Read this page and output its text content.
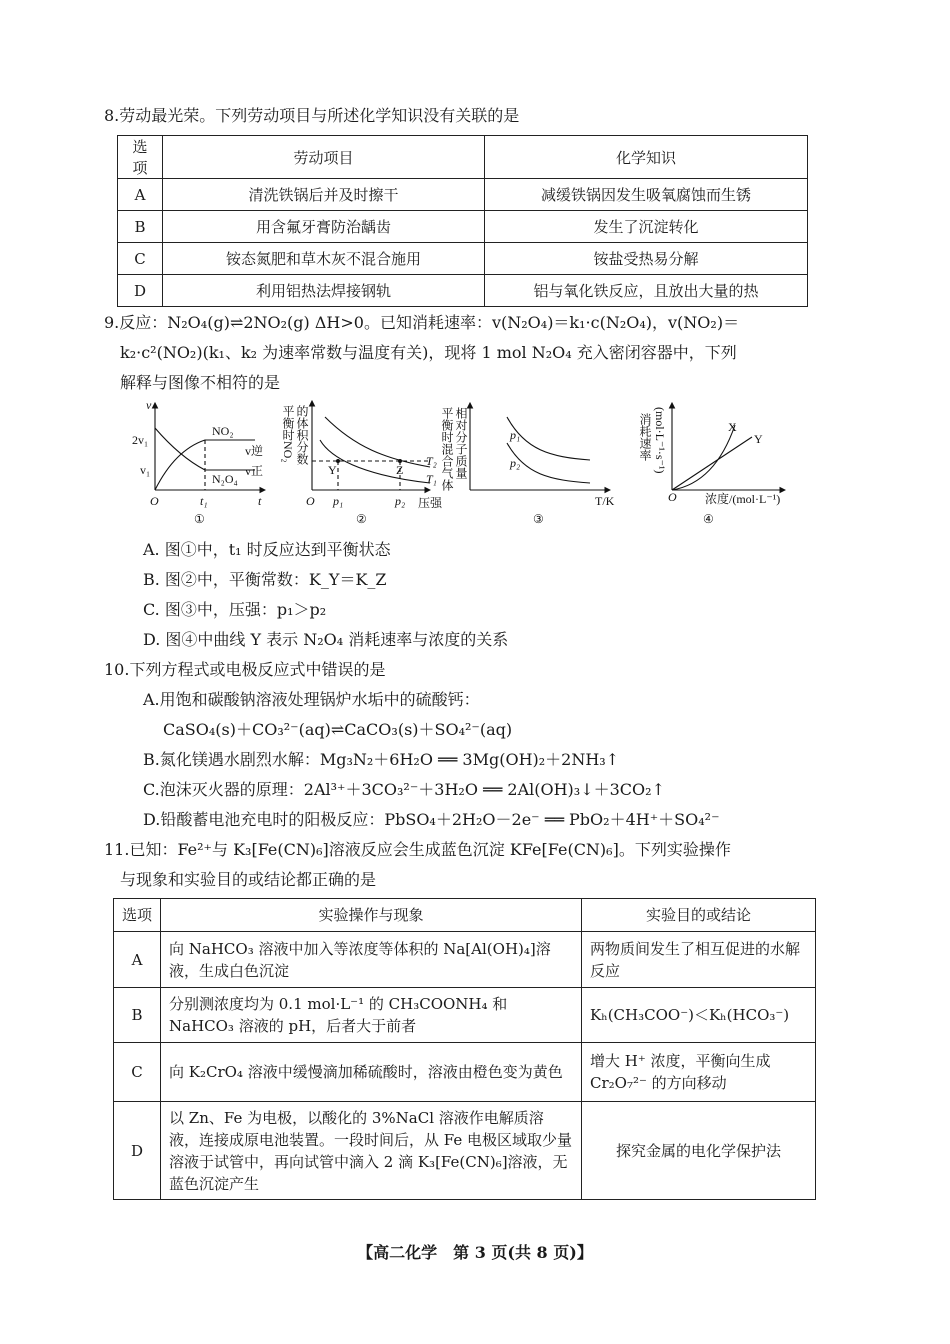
8.劳动最光荣。下列劳动项目与所述化学知识没有关联的是
选项	劳动项目	化学知识
A	清洗铁锅后并及时擦干	减缓铁锅因发生吸氧腐蚀而生锈
B	用含氟牙膏防治龋齿	发生了沉淀转化
C	铵态氮肥和草木灰不混合施用	铵盐受热易分解
D	利用铝热法焊接钢轨	铝与氧化铁反应，且放出大量的热
9.反应：N₂O₄(g)⇌2NO₂(g) ΔH>0。已知消耗速率：v(N₂O₄)＝k₁·c(N₂O₄)，v(NO₂)＝
k₂·c²(NO₂)(k₁、k₂ 为速率常数与温度有关)，现将 1 mol N₂O₄ 充入密闭容器中，下列
解释与图像不相符的是
v
2v₁
v₁
NO₂
N₂O₄
v逆
v正
O	t₁	t
①
平衡时NO₂ 的体积分数
O p₁	p₂ 压强
Y	Z
T₂
T₁
②
平衡时混合气体 相对分子质量	p₁
p₂
T/K
③
消耗速率 (mol·L⁻¹·s⁻¹)
O 浓度/(mol·L⁻¹)
X
Y
④
A. 图①中，t₁ 时反应达到平衡状态
B. 图②中，平衡常数：K_Y＝K_Z
C. 图③中，压强：p₁＞p₂
D. 图④中曲线 Y 表示 N₂O₄ 消耗速率与浓度的关系
10.下列方程式或电极反应式中错误的是
A.用饱和碳酸钠溶液处理锅炉水垢中的硫酸钙：
CaSO₄(s)＋CO₃²⁻(aq)⇌CaCO₃(s)＋SO₄²⁻(aq)
B.氮化镁遇水剧烈水解：Mg₃N₂＋6H₂O ══ 3Mg(OH)₂＋2NH₃↑
C.泡沫灭火器的原理：2Al³⁺＋3CO₃²⁻＋3H₂O ══ 2Al(OH)₃↓＋3CO₂↑
D.铅酸蓄电池充电时的阳极反应：PbSO₄＋2H₂O－2e⁻ ══ PbO₂＋4H⁺＋SO₄²⁻
11.已知：Fe²⁺与 K₃[Fe(CN)₆]溶液反应会生成蓝色沉淀 KFe[Fe(CN)₆]。下列实验操作
与现象和实验目的或结论都正确的是
选项	实验操作与现象	实验目的或结论
A	向 NaHCO₃ 溶液中加入等浓度等体积的 Na[Al(OH)₄]溶液，生成白色沉淀	两物质间发生了相互促进的水解反应
B	分别测浓度均为 0.1 mol·L⁻¹ 的 CH₃COONH₄ 和 NaHCO₃ 溶液的 pH，后者大于前者	Kₕ(CH₃COO⁻)＜Kₕ(HCO₃⁻)
C	向 K₂CrO₄ 溶液中缓慢滴加稀硫酸时，溶液由橙色变为黄色	增大 H⁺ 浓度，平衡向生成 Cr₂O₇²⁻ 的方向移动
D	以 Zn、Fe 为电极，以酸化的 3%NaCl 溶液作电解质溶液，连接成原电池装置。一段时间后，从 Fe 电极区域取少量溶液于试管中，再向试管中滴入 2 滴 K₃[Fe(CN)₆]溶液，无蓝色沉淀产生	探究金属的电化学保护法
【高二化学　第 3 页(共 8 页)】
